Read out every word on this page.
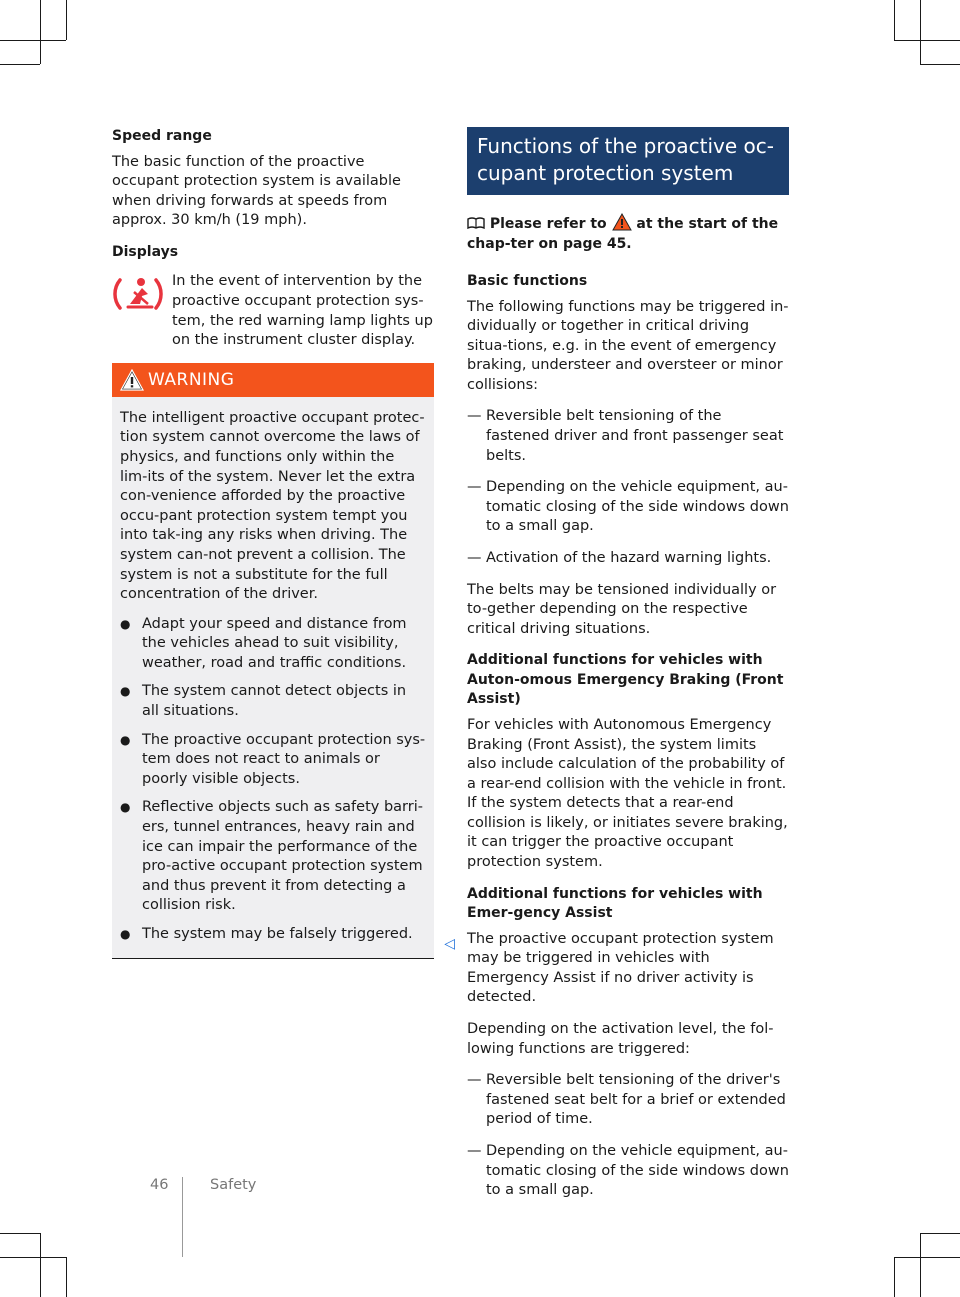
Speed range

The basic function of the proactive occupant protection system is available when driving forwards at speeds from approx. 30 km/h (19 mph).

Displays

In the event of intervention by the proactive occupant protection sys-tem, the red warning lamp lights up on the instrument cluster display.

WARNING

The intelligent proactive occupant protec-tion system cannot overcome the laws of physics, and functions only within the lim-its of the system. Never let the extra con-venience afforded by the proactive occu-pant protection system tempt you into tak-ing any risks when driving. The system can-not prevent a collision. The system is not a substitute for the full concentration of the driver.

● Adapt your speed and distance from the vehicles ahead to suit visibility, weather, road and traffic conditions.

● The system cannot detect objects in all situations.

● The proactive occupant protection sys-tem does not react to animals or poorly visible objects.

● Reflective objects such as safety barri-ers, tunnel entrances, heavy rain and ice can impair the performance of the pro-active occupant protection system and thus prevent it from detecting a collision risk.

● The system may be falsely triggered.

◁
Functions of the proactive oc-cupant protection system
Please refer to at the start of the chap-ter on page 45.
Basic functions

The following functions may be triggered in-dividually or together in critical driving situa-tions, e.g. in the event of emergency braking, understeer and oversteer or minor collisions:

— Reversible belt tensioning of the fastened driver and front passenger seat belts.

— Depending on the vehicle equipment, au-tomatic closing of the side windows down to a small gap.

— Activation of the hazard warning lights.

The belts may be tensioned individually or to-gether depending on the respective critical driving situations.

Additional functions for vehicles with Auton-omous Emergency Braking (Front Assist)

For vehicles with Autonomous Emergency Braking (Front Assist), the system limits also include calculation of the probability of a rear-end collision with the vehicle in front. If the system detects that a rear-end collision is likely, or initiates severe braking, it can trigger the proactive occupant protection system.

Additional functions for vehicles with Emer-gency Assist

The proactive occupant protection system may be triggered in vehicles with Emergency Assist if no driver activity is detected.

Depending on the activation level, the fol-lowing functions are triggered:

— Reversible belt tensioning of the driver's fastened seat belt for a brief or extended period of time.

— Depending on the vehicle equipment, au-tomatic closing of the side windows down to a small gap.

46	Safety
